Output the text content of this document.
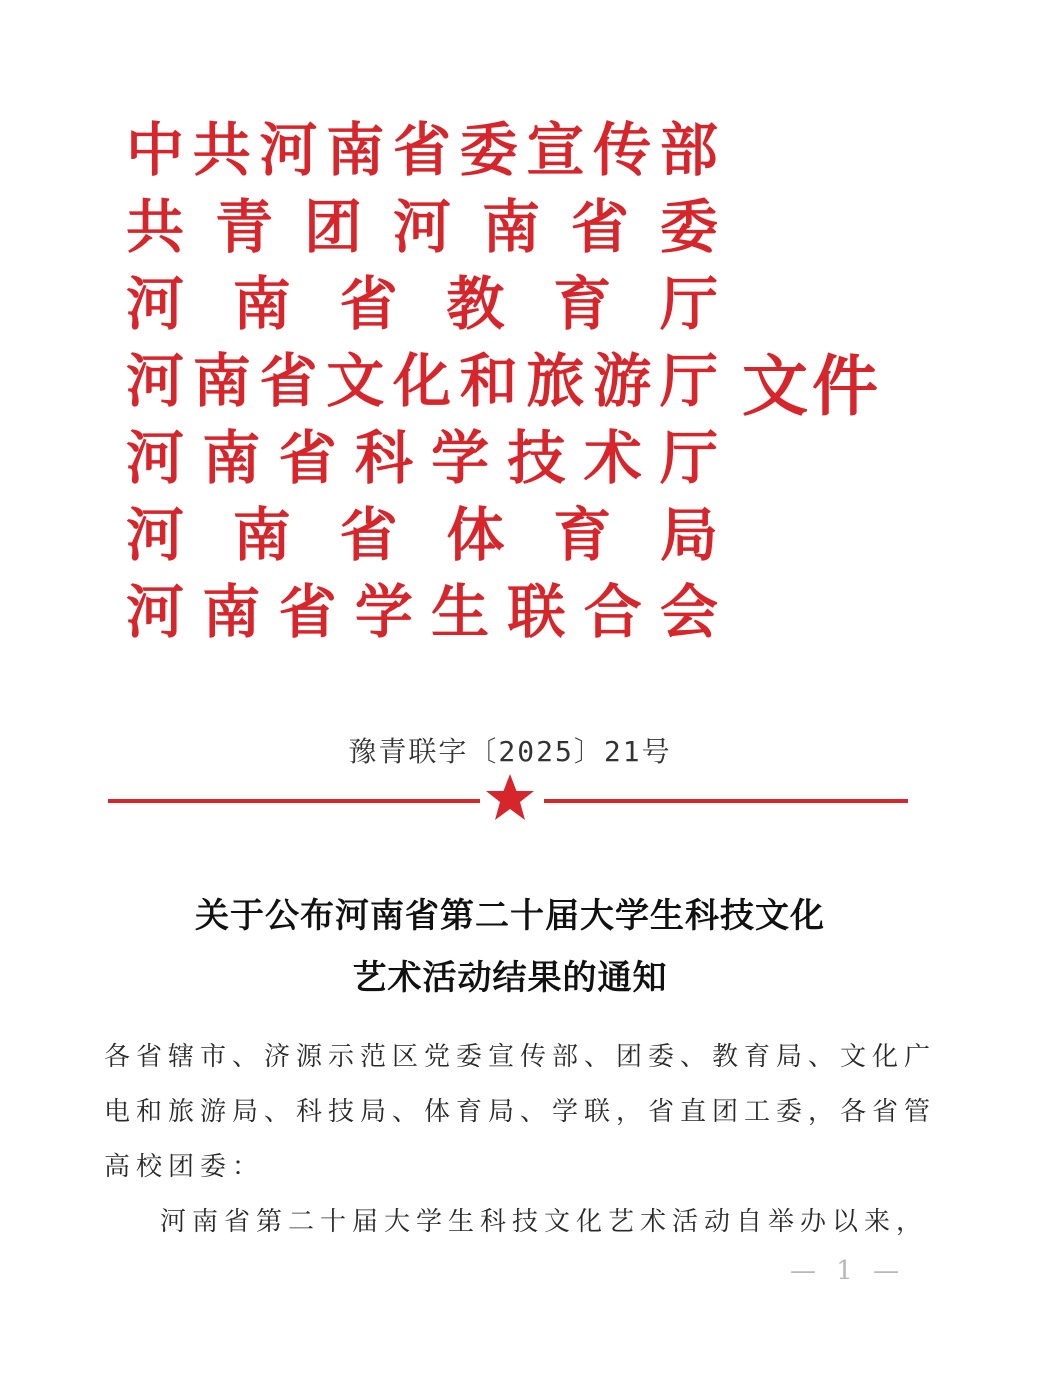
中 共 河 南 省 委 宣 传 部
共 青 团 河 南 省 委
河 南 省 教 育 厅
河 南 省 文 化 和 旅 游 厅
河 南 省 科 学 技 术 厅
河 南 省 体 育 局
河 南 省 学 生 联 合 会
文件
豫青联字〔2025〕21号
关于公布河南省第二十届大学生科技文化
艺术活动结果的通知
各省辖市、济源示范区党委宣传部、团委、教育局、文化广
电和旅游局、科技局、体育局、学联，省直团工委，各省管
高校团委：
河南省第二十届大学生科技文化艺术活动自举办以来，
— 1 —
